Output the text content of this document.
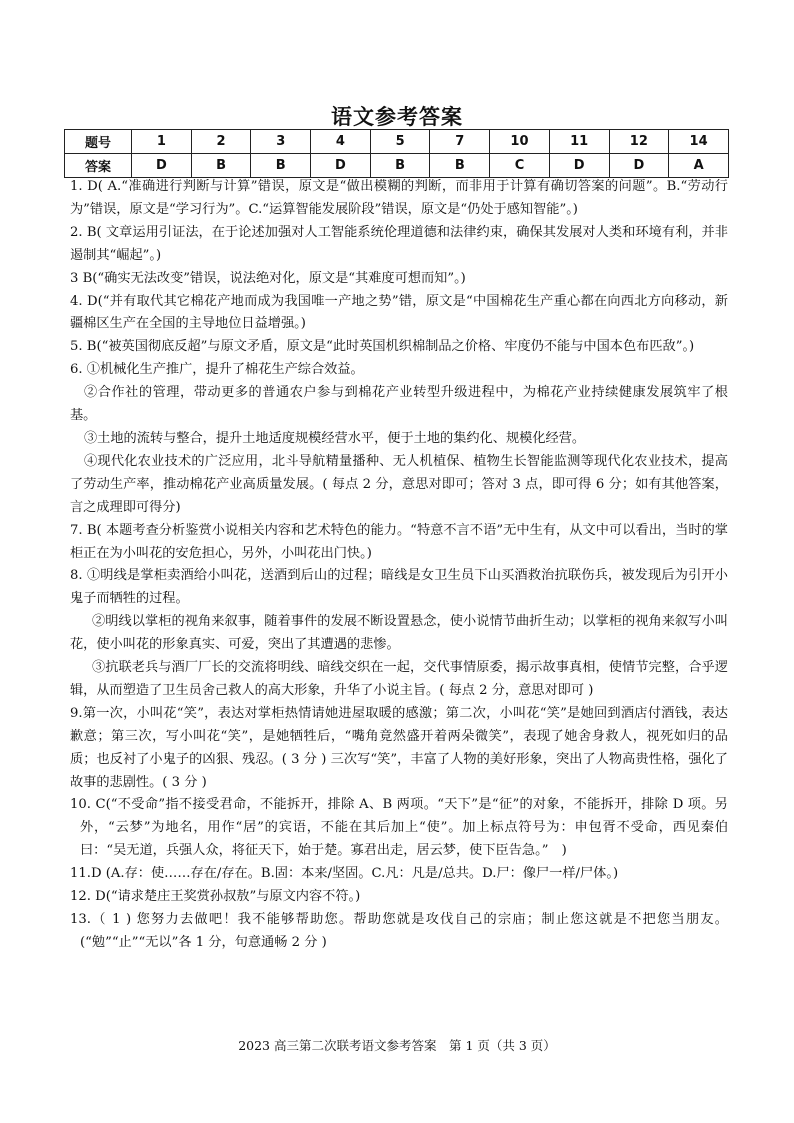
语文参考答案
题号	1	2	3	4	5	7	10	11	12	14
答案	D	B	B	D	B	B	C	D	D	A

1. D( A.“准确进行判断与计算”错误，原文是“做出模糊的判断，而非用于计算有确切答案的问题”。B.“劳动行为”错误，原文是“学习行为”。C.“运算智能发展阶段”错误，原文是“仍处于感知智能”。)

2. B( 文章运用引证法，在于论述加强对人工智能系统伦理道德和法律约束，确保其发展对人类和环境有利，并非遏制其“崛起”。)

3 B(“确实无法改变”错误，说法绝对化，原文是“其难度可想而知”。)

4. D(“并有取代其它棉花产地而成为我国唯一产地之势”错，原文是“中国棉花生产重心都在向西北方向移动，新疆棉区生产在全国的主导地位日益增强。)

5. B(“被英国彻底反超”与原文矛盾，原文是“此时英国机织棉制品之价格、牢度仍不能与中国本色布匹敌”。)

6. ①机械化生产推广，提升了棉花生产综合效益。

②合作社的管理，带动更多的普通农户参与到棉花产业转型升级进程中，为棉花产业持续健康发展筑牢了根基。

③土地的流转与整合，提升土地适度规模经营水平，便于土地的集约化、规模化经营。

④现代化农业技术的广泛应用，北斗导航精量播种、无人机植保、植物生长智能监测等现代化农业技术，提高了劳动生产率，推动棉花产业高质量发展。( 每点 2 分，意思对即可；答对 3 点，即可得 6 分；如有其他答案，言之成理即可得分)

7. B( 本题考查分析鉴赏小说相关内容和艺术特色的能力。“特意不言不语”无中生有，从文中可以看出，当时的掌柜正在为小叫花的安危担心，另外，小叫花出门快。)

8. ①明线是掌柜卖酒给小叫花，送酒到后山的过程；暗线是女卫生员下山买酒救治抗联伤兵，被发现后为引开小鬼子而牺牲的过程。

②明线以掌柜的视角来叙事，随着事件的发展不断设置悬念，使小说情节曲折生动；以掌柜的视角来叙写小叫花，使小叫花的形象真实、可爱，突出了其遭遇的悲惨。

③抗联老兵与酒厂厂长的交流将明线、暗线交织在一起，交代事情原委，揭示故事真相，使情节完整，合乎逻辑，从而塑造了卫生员舍己救人的高大形象，升华了小说主旨。( 每点 2 分，意思对即可 )

9.第一次，小叫花“笑”，表达对掌柜热情请她进屋取暖的感激；第二次，小叫花“笑”是她回到酒店付酒钱，表达歉意；第三次，写小叫花“笑”，是她牺牲后，“嘴角竟然盛开着两朵微笑”，表现了她舍身救人，视死如归的品质；也反衬了小鬼子的凶狠、残忍。( 3 分 ) 三次写“笑”，丰富了人物的美好形象，突出了人物高贵性格，强化了故事的悲剧性。( 3 分 )

10. C(“不受命”指不接受君命，不能拆开，排除 A、B 两项。“天下”是“征”的对象，不能拆开，排除 D 项。另外，“云梦”为地名，用作“居”的宾语，不能在其后加上“使”。加上标点符号为：申包胥不受命，西见秦伯曰：“吴无道，兵强人众，将征天下，始于楚。寡君出走，居云梦，使下臣告急。”　)

11.D (A.存：使……存在/存在。B.固：本来/坚固。C.凡：凡是/总共。D.尸：像尸一样/尸体。)

12. D(“请求楚庄王奖赏孙叔敖”与原文内容不符。)

13.（ 1 ) 您努力去做吧！我不能够帮助您。帮助您就是攻伐自己的宗庙；制止您这就是不把您当朋友。(“勉”“止”“无以”各 1 分，句意通畅 2 分 )

2023 高三第二次联考语文参考答案　第 1 页（共 3 页）
